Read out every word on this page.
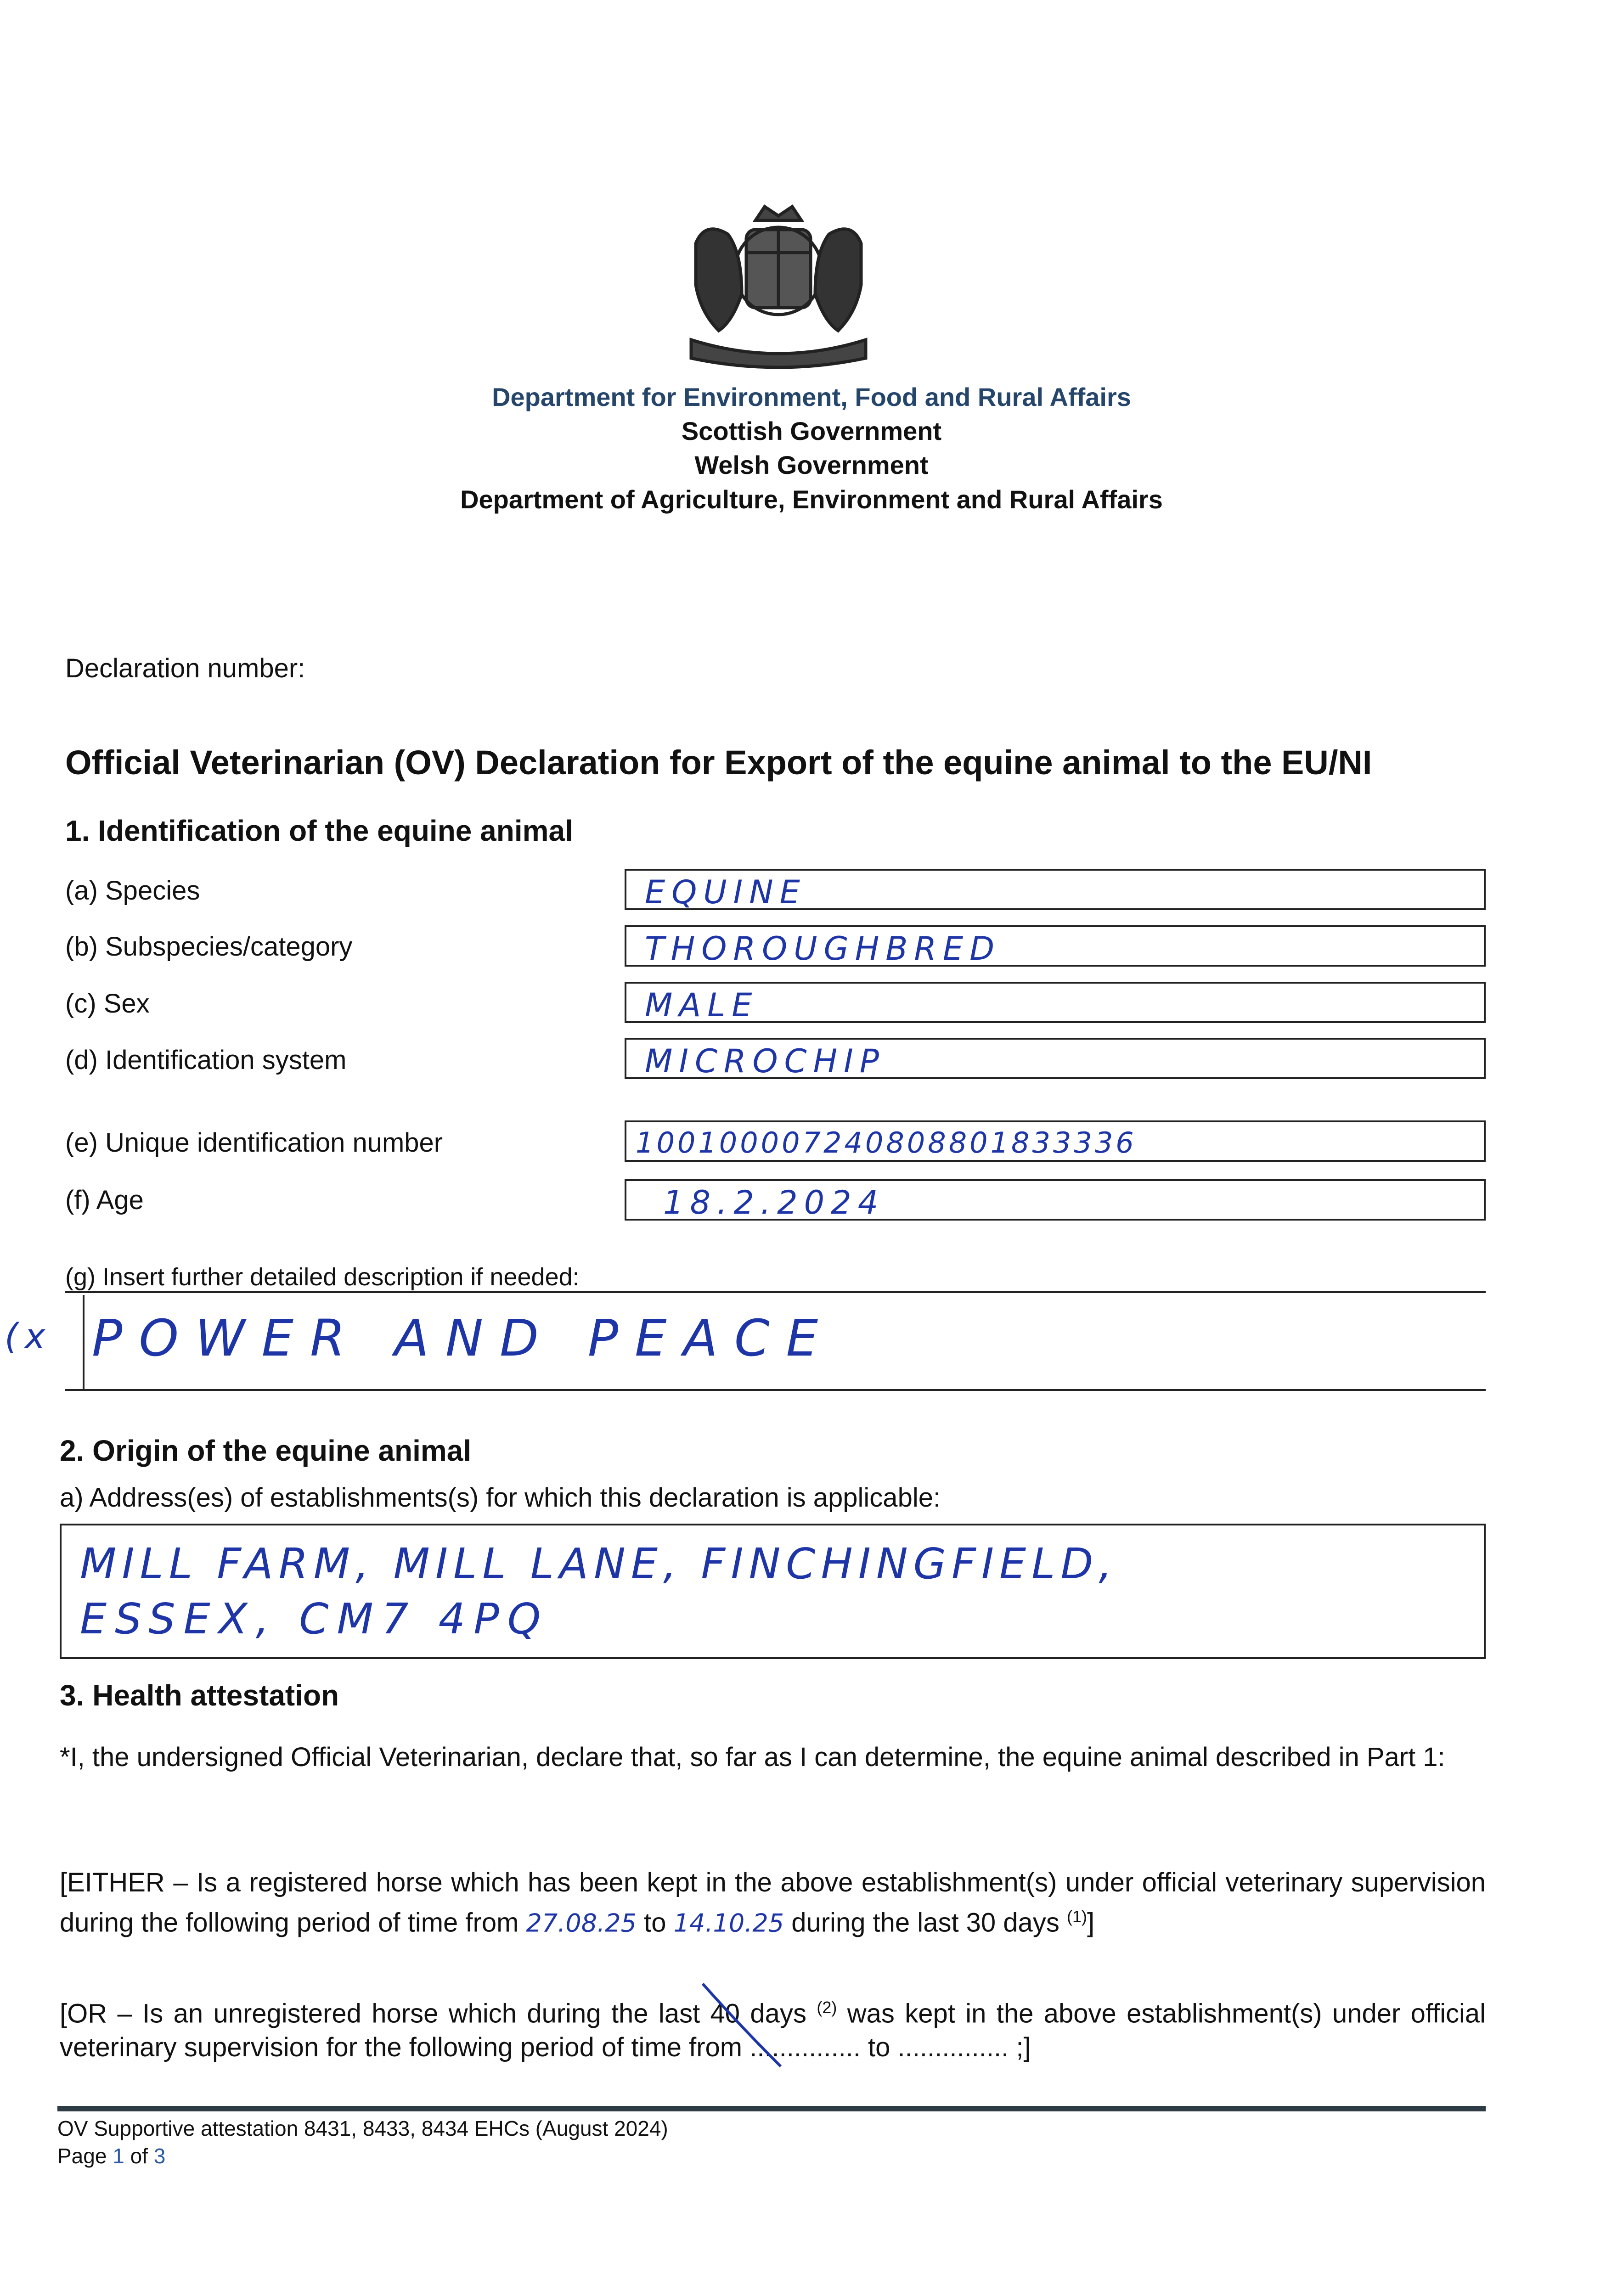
Department for Environment, Food and Rural Affairs
Scottish Government
Welsh Government
Department of Agriculture, Environment and Rural Affairs
Declaration number:
Official Veterinarian (OV) Declaration for Export of the equine animal to the EU/NI
1. Identification of the equine animal
(a) Species	EQUINE
(b) Subspecies/category	THOROUGHBRED
(c) Sex	MALE
(d) Identification system	MICROCHIP
(e) Unique identification number	100100007240808801833336
(f) Age	18.2.2024
(g) Insert further detailed description if needed:
(x POWER AND PEACE
2. Origin of the equine animal
a) Address(es) of establishments(s) for which this declaration is applicable:
MILL FARM, MILL LANE, FINCHINGFIELD,
ESSEX, CM7 4PQ
3. Health attestation
*I, the undersigned Official Veterinarian, declare that, so far as I can determine, the equine animal described in Part 1:
[EITHER – Is a registered horse which has been kept in the above establishment(s) under official veterinary supervision during the following period of time from 27.08.25 to 14.10.25 during the last 30 days $^{(1)}$]
[OR – Is an unregistered horse which during the last 40 days $^{(2)}$ was kept in the above establishment(s) under official veterinary supervision for the following period of time from ............... to ............... ;]
OV Supportive attestation 8431, 8433, 8434 EHCs (August 2024)
Page 1 of 3
